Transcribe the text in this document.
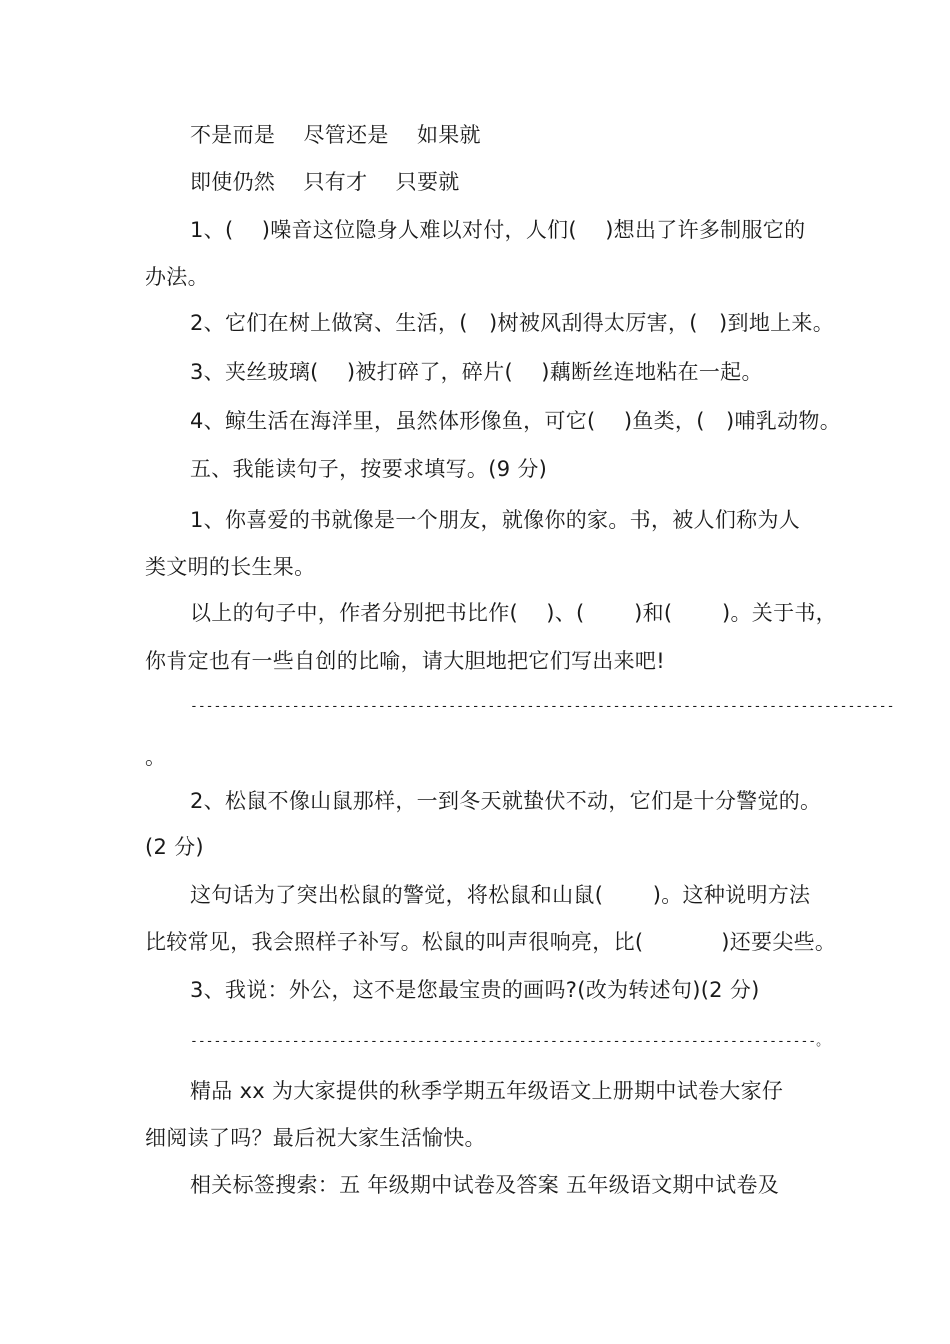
不是而是　 尽管还是　 如果就
即使仍然　 只有才　 只要就
1、(　 )噪音这位隐身人难以对付，人们(　 )想出了许多制服它的
办法。
2、它们在树上做窝、生活，(　)树被风刮得太厉害，(　)到地上来。
3、夹丝玻璃(　 )被打碎了，碎片(　 )藕断丝连地粘在一起。
4、鲸生活在海洋里，虽然体形像鱼，可它(　 )鱼类，(　)哺乳动物。
五、我能读句子，按要求填写。(9 分)
1、你喜爱的书就像是一个朋友，就像你的家。书，被人们称为人
类文明的长生果。
以上的句子中，作者分别把书比作(　 )、(　 　)和(　 　)。关于书，
你肯定也有一些自创的比喻，请大胆地把它们写出来吧!
------------------------------------------------------------------------------------------
。
2、松鼠不像山鼠那样，一到冬天就蛰伏不动，它们是十分警觉的。
(2 分)
这句话为了突出松鼠的警觉，将松鼠和山鼠(　 　)。这种说明方法
比较常见，我会照样子补写。松鼠的叫声很响亮，比(　 　 　)还要尖些。
3、我说：外公，这不是您最宝贵的画吗?(改为转述句)(2 分)
--------------------------------------------------------------------------------。
精品 xx 为大家提供的秋季学期五年级语文上册期中试卷大家仔
细阅读了吗？最后祝大家生活愉快。
相关标签搜索：五 年级期中试卷及答案 五年级语文期中试卷及
